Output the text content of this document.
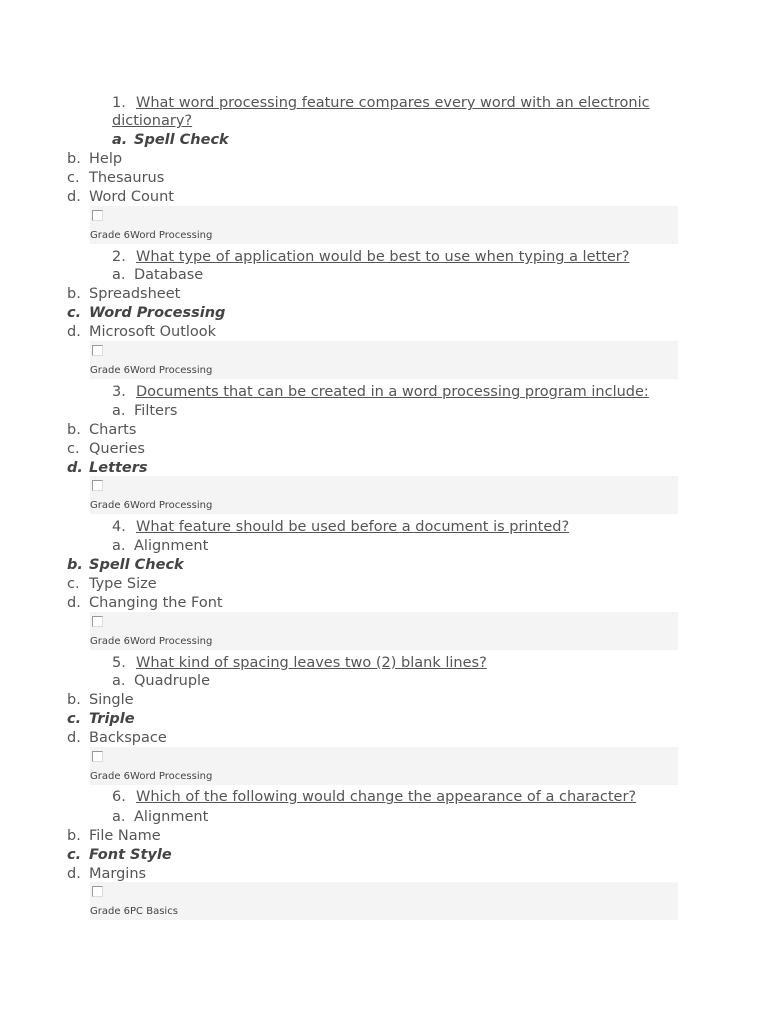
1. What word processing feature compares every word with an electronic dictionary?
a. Spell Check
b. Help
c. Thesaurus
d. Word Count
Grade 6Word Processing
2. What type of application would be best to use when typing a letter?
a. Database
b. Spreadsheet
c. Word Processing
d. Microsoft Outlook
Grade 6Word Processing
3. Documents that can be created in a word processing program include:
a. Filters
b. Charts
c. Queries
d. Letters
Grade 6Word Processing
4. What feature should be used before a document is printed?
a. Alignment
b. Spell Check
c. Type Size
d. Changing the Font
Grade 6Word Processing
5. What kind of spacing leaves two (2) blank lines?
a. Quadruple
b. Single
c. Triple
d. Backspace
Grade 6Word Processing
6. Which of the following would change the appearance of a character?
a. Alignment
b. File Name
c. Font Style
d. Margins
Grade 6PC Basics
